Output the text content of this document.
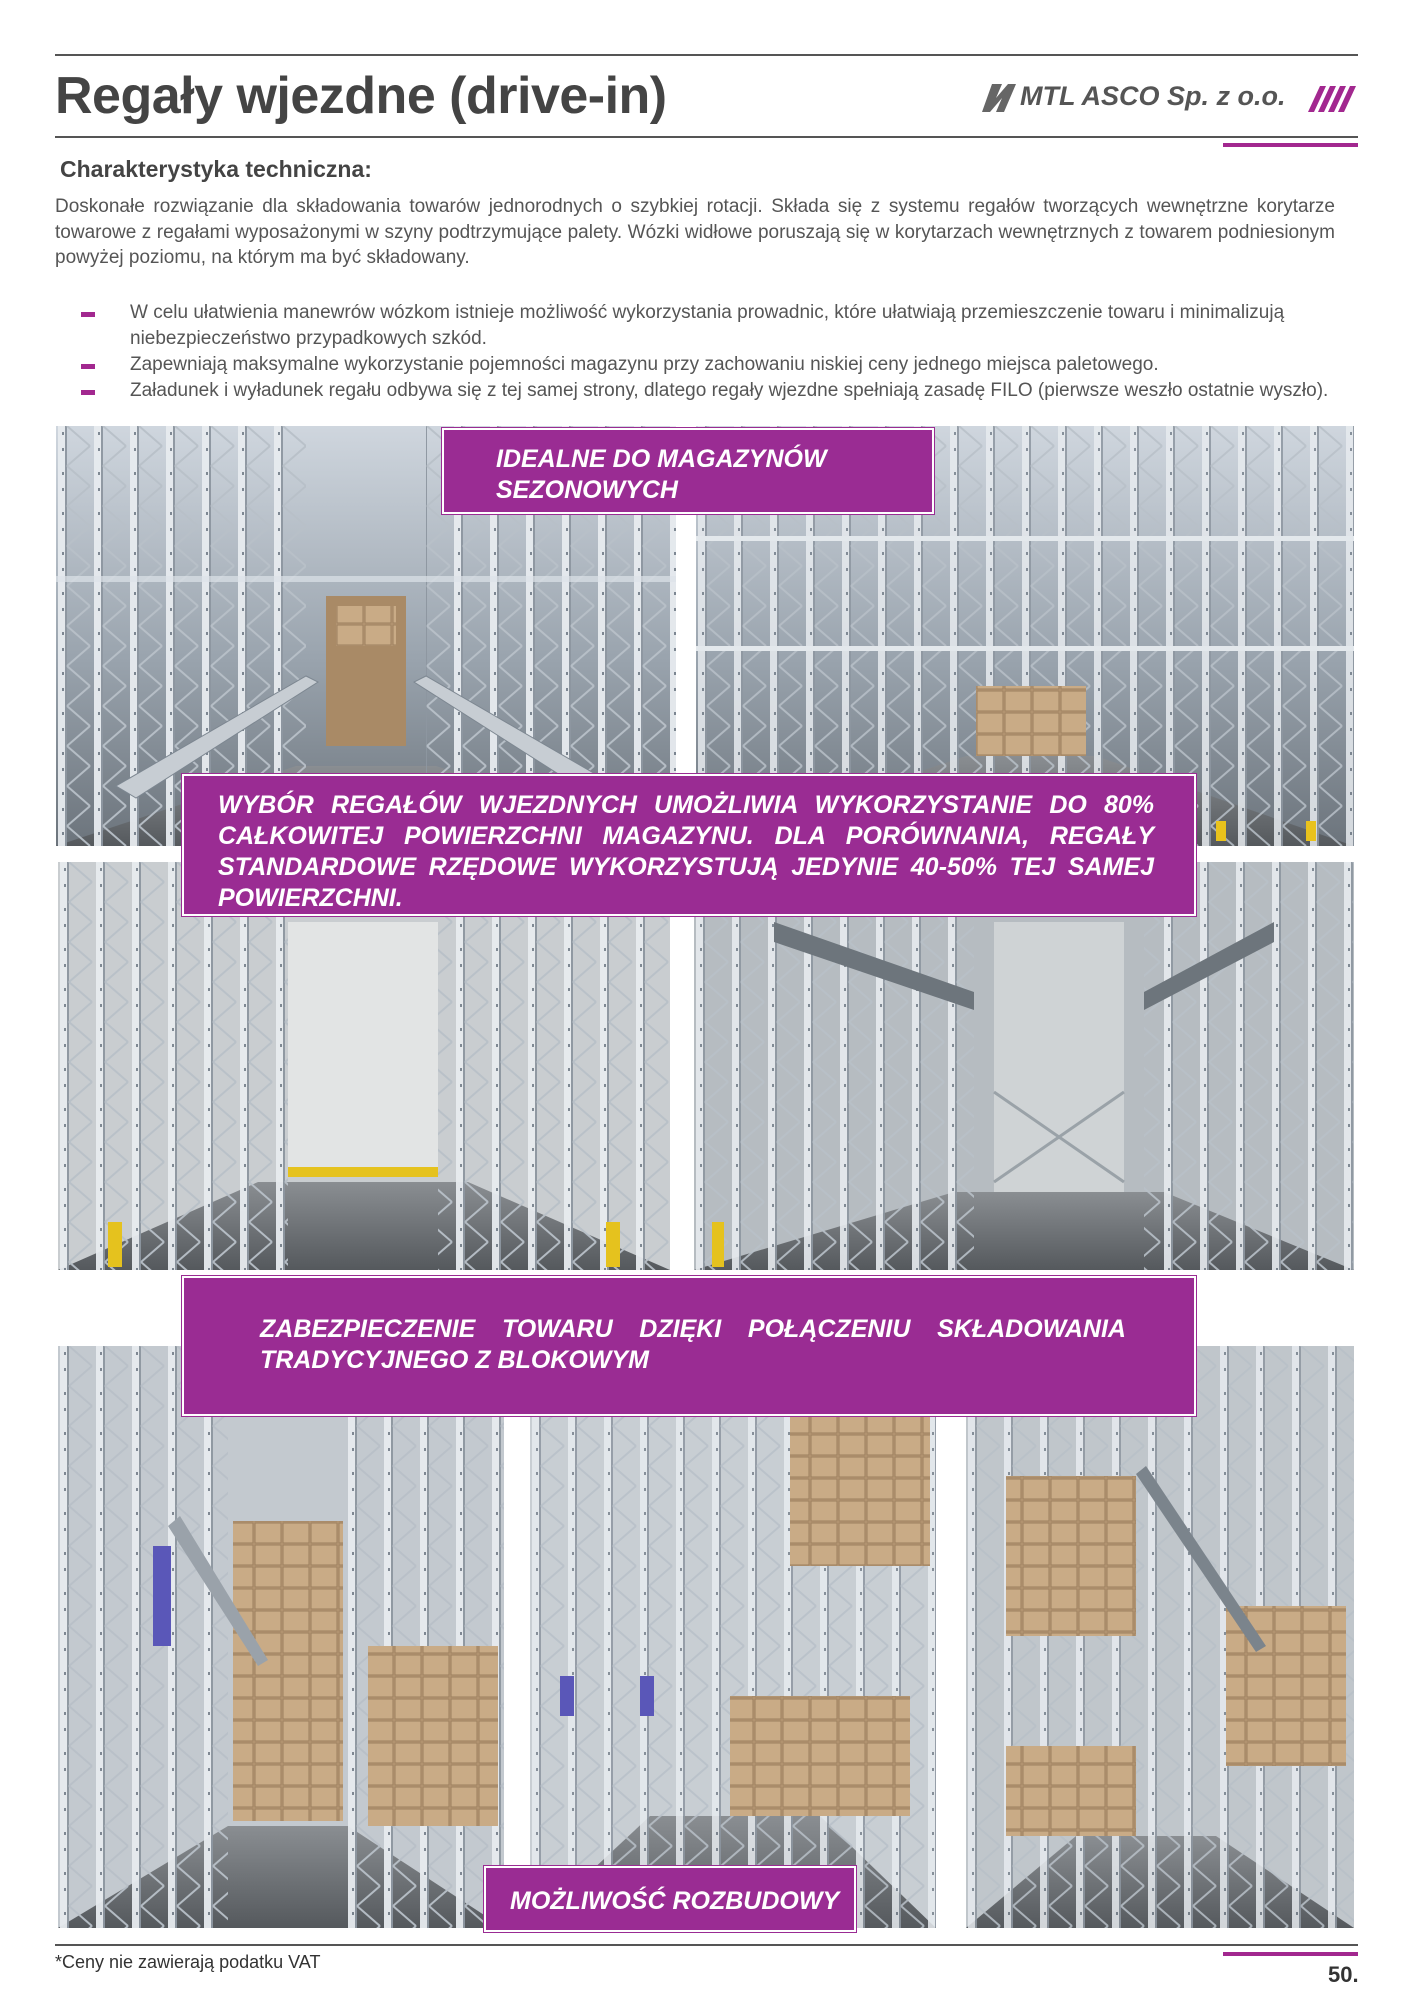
Regały wjezdne (drive-in)	MTL ASCO Sp. z o.o.
Charakterystyka techniczna:

Doskonałe rozwiązanie dla składowania towarów jednorodnych o szybkiej rotacji. Składa się z systemu regałów tworzących wewnętrzne korytarze towarowe z regałami wyposażonymi w szyny podtrzymujące palety. Wózki widłowe poruszają się w korytarzach wewnętrznych z towarem podniesionym powyżej poziomu, na którym ma być składowany.

W celu ułatwienia manewrów wózkom istnieje możliwość wykorzystania prowadnic, które ułatwiają przemieszczenie towaru i minimalizują niebezpieczeństwo przypadkowych szkód.
Zapewniają maksymalne wykorzystanie pojemności magazynu przy zachowaniu niskiej ceny jednego miejsca paletowego.
Załadunek i wyładunek regału odbywa się z tej samej strony, dlatego regały wjezdne spełniają zasadę FILO (pierwsze weszło ostatnie wyszło).
IDEALNE DO MAGAZYNÓW
SEZONOWYCH
WYBÓR REGAŁÓW WJEZDNYCH UMOŻLIWIA WYKORZYSTANIE DO 80% CAŁKOWITEJ POWIERZCHNI MAGAZYNU. DLA PORÓWNANIA, REGAŁY STANDARDOWE RZĘDOWE WYKORZYSTUJĄ JEDYNIE 40-50% TEJ SAMEJ POWIERZCHNI.
ZABEZPIECZENIE TOWARU DZIĘKI POŁĄCZENIU SKŁADOWANIA TRADYCYJNEGO Z BLOKOWYM
MOŻLIWOŚĆ ROZBUDOWY
*Ceny nie zawierają podatku VAT	50.
